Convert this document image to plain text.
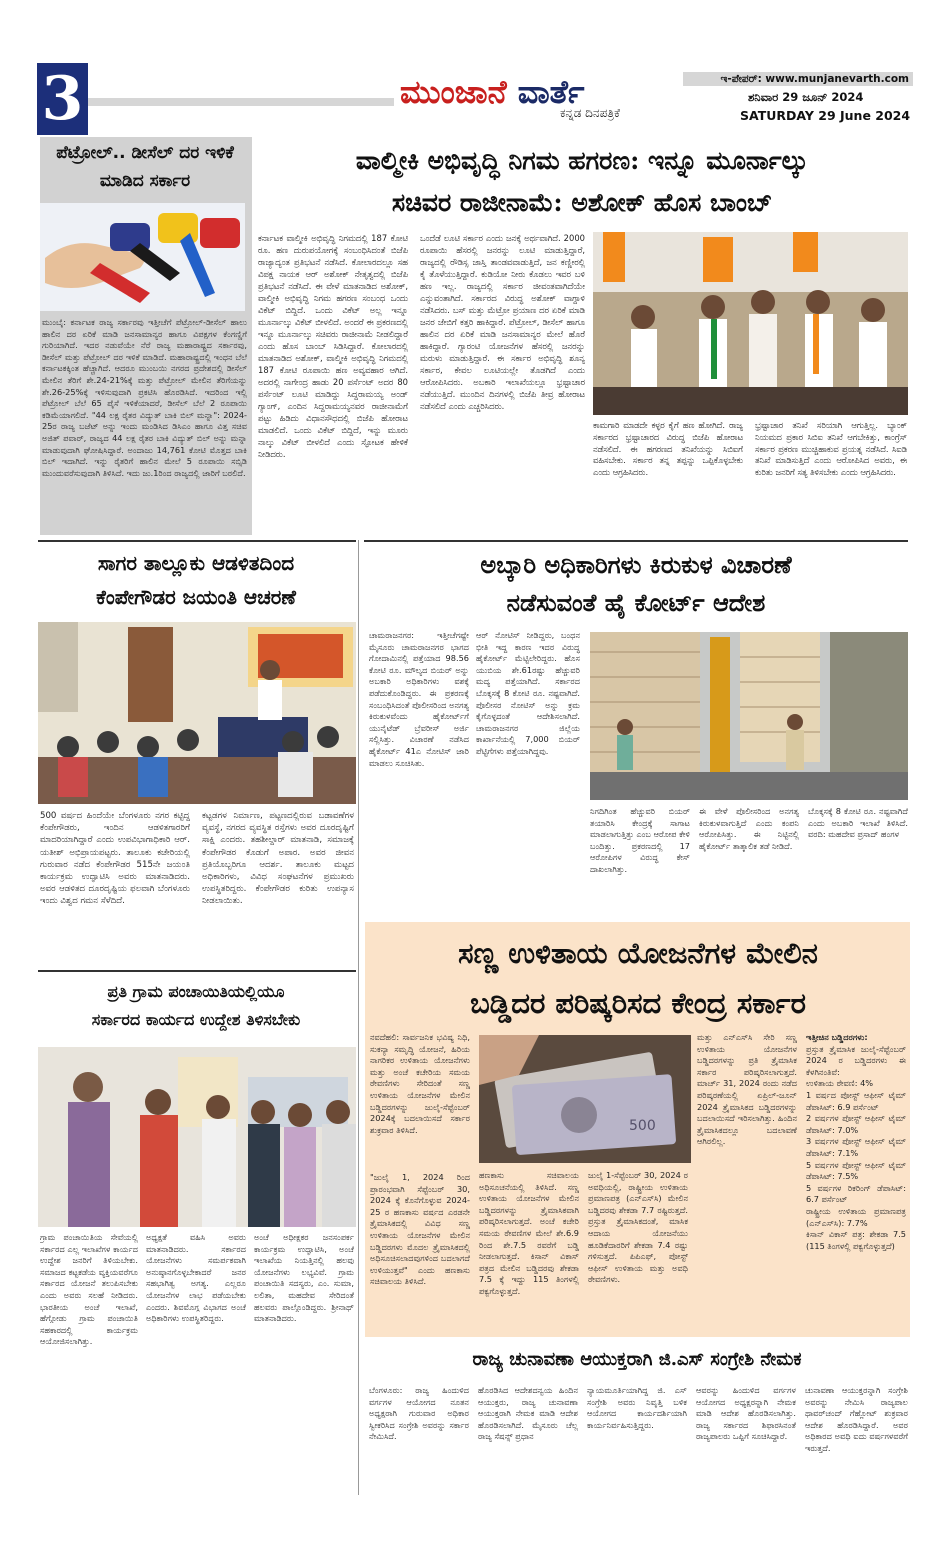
3	ಮುಂಜಾನೆ ವಾರ್ತೆ
ಕನ್ನಡ ದಿನಪತ್ರಿಕೆ
ಇ-ಪೇಪರ್: www.munjanevarth.com
ಶನಿವಾರ 29 ಜೂನ್ 2024
SATURDAY 29 June 2024
ಪೆಟ್ರೋಲ್.. ಡೀಸೆಲ್ ದರ ಇಳಿಕೆ ಮಾಡಿದ ಸರ್ಕಾರ
ಮುಂಬೈ: ಕರ್ನಾಟಕ ರಾಜ್ಯ ಸರ್ಕಾರವು ಇತ್ತೀಚೆಗೆ ಪೆಟ್ರೋಲ್-ಡೀಸೆಲ್ ಹಾಲು ಹಾಲಿನ ದರ ಏರಿಕೆ ಮಾಡಿ ಜನಸಾಮಾನ್ಯರ ಹಾಗೂ ವಿಪಕ್ಷಗಳ ಕೆಂಗಣ್ಣಿಗೆ ಗುರಿಯಾಗಿದೆ. ಇದರ ನಡುವೆಯೇ ನೆರೆ ರಾಜ್ಯ ಮಹಾರಾಷ್ಟ್ರದ ಸರ್ಕಾರವು, ಡೀಸೆಲ್ ಮತ್ತು ಪೆಟ್ರೋಲ್ ದರ ಇಳಿಕೆ ಮಾಡಿದೆ. ಮಹಾರಾಷ್ಟ್ರದಲ್ಲಿ ಇಂಧನ ಬೆಲೆ ಕರ್ನಾಟಕಕ್ಕಿಂತ ಹೆಚ್ಚಾಗಿದೆ. ಆದರೂ ಮುಂಬಯಿ ನಗರದ ಪ್ರದೇಶದಲ್ಲಿ ಡೀಸೆಲ್ ಮೇಲಿನ ತೆರಿಗೆ ಶೇ.24-21%ಕ್ಕೆ ಮತ್ತು ಪೆಟ್ರೋಲ್ ಮೇಲಿನ ತೆರಿಗೆಯನ್ನು ಶೇ.26-25%ಕ್ಕೆ ಇಳಿಸುವುದಾಗಿ ಪ್ರಕಟಿಸಿ ಹೊರಡಿಸಿದೆ. ಇದರಿಂದ ಇಲ್ಲಿ ಪೆಟ್ರೋಲ್ ಬೆಲೆ 65 ಪೈಸೆ ಇಳಿಕೆಯಾದರೆ, ಡೀಸೆಲ್ ಬೆಲೆ 2 ರೂಪಾಯಿ ಕಡಿಮೆಯಾಗಲಿದೆ. "44 ಲಕ್ಷ ರೈತರ ವಿದ್ಯುತ್ ಬಾಕಿ ಬಿಲ್ ಮನ್ನಾ": 2024-25ರ ರಾಜ್ಯ ಬಜೆಟ್ ಅನ್ನು ಇಂದು ಮಂಡಿಸಿದ ಡಿಸಿಎಂ ಹಾಗೂ ವಿತ್ತ ಸಚಿವ ಅಜಿತ್ ಪವಾರ್, ರಾಜ್ಯದ 44 ಲಕ್ಷ ರೈತರ ಬಾಕಿ ವಿದ್ಯುತ್ ಬಿಲ್ ಅನ್ನು ಮನ್ನಾ ಮಾಡುವುದಾಗಿ ಘೋಷಿಸಿದ್ದಾರೆ. ಅಂದಾಜು 14,761 ಕೋಟಿ ಮೊತ್ತದ ಬಾಕಿ ಬಿಲ್ ಇದಾಗಿದೆ. ಇನ್ನು ರೈತರಿಗೆ ಹಾಲಿನ ಮೇಲೆ 5 ರೂಪಾಯಿ ಸಬ್ಸಿಡಿ ಮುಂದುವರೆಸುವುದಾಗಿ ತಿಳಿಸಿದೆ. ಇದು ಜು.1ರಿಂದ ರಾಜ್ಯದಲ್ಲಿ ಜಾರಿಗೆ ಬರಲಿದೆ.
ವಾಲ್ಮೀಕಿ ಅಭಿವೃದ್ಧಿ ನಿಗಮ ಹಗರಣ: ಇನ್ನೂ ಮೂರ್ನಾಲ್ಕು
ಸಚಿವರ ರಾಜೀನಾಮೆ: ಅಶೋಕ್ ಹೊಸ ಬಾಂಬ್
ಕರ್ನಾಟಕ ವಾಲ್ಮೀಕಿ ಅಭಿವೃದ್ಧಿ ನಿಗಮದಲ್ಲಿ 187 ಕೋಟಿ ರೂ. ಹಣ ದುರುಪಯೋಗಕ್ಕೆ ಸಂಬಂಧಿಸಿದಂತೆ ಬಿಜೆಪಿ ರಾಜ್ಯಾದ್ಯಂತ ಪ್ರತಿಭಟನೆ ನಡೆಸಿದೆ. ಕೋಲಾರದಲ್ಲೂ ಸಹ ವಿಪಕ್ಷ ನಾಯಕ ಆರ್ ಅಶೋಕ್ ನೇತೃತ್ವದಲ್ಲಿ ಬಿಜೆಪಿ ಪ್ರತಿಭಟನೆ ನಡೆಸಿದೆ. ಈ ವೇಳೆ ಮಾತನಾಡಿದ ಅಶೋಕ್, ವಾಲ್ಮೀಕಿ ಅಭಿವೃದ್ಧಿ ನಿಗಮ ಹಗರಣ ಸಂಬಂಧ ಒಂದು ವಿಕೆಟ್ ಬಿದ್ದಿದೆ. ಒಂದು ವಿಕೆಟ್ ಅಲ್ಲ ಇನ್ನೂ ಮೂರ್ನಾಲ್ಕು ವಿಕೆಟ್ ಬೀಳಲಿದೆ. ಅಂದರೆ ಈ ಪ್ರಕರಣದಲ್ಲಿ ಇನ್ನೂ ಮೂರ್ನಾಲ್ಕು ಸಚಿವರು ರಾಜೀನಾಮೆ ನೀಡಲಿದ್ದಾರೆ ಎಂದು ಹೊಸ ಬಾಂಬ್ ಸಿಡಿಸಿದ್ದಾರೆ. ಕೋಲಾರದಲ್ಲಿ ಮಾತನಾಡಿದ ಅಶೋಕ್, ವಾಲ್ಮೀಕಿ ಅಭಿವೃದ್ಧಿ ನಿಗಮದಲ್ಲಿ 187 ಕೋಟಿ ರೂಪಾಯಿ ಹಣ ಅವ್ಯವಹಾರ ಆಗಿದೆ. ಅದರಲ್ಲಿ ನಾಗೇಂದ್ರ ಹಾಡು 20 ಪರ್ಸೆಂಟ್ ಅದರ 80 ಪರ್ಸೆಂಟ್ ಲೂಟಿ ಮಾಡಿದ್ದು ಸಿದ್ದರಾಮಯ್ಯ ಅಂಡ್ ಗ್ಯಾಂಗ್, ಎಂದಿನ ಸಿದ್ದರಾಮಯ್ಯನವರ ರಾಜೀನಾಮೆಗೆ ಪಟ್ಟು ಹಿಡಿದು ವಿಧಾನಸೌಧದಲ್ಲಿ ಬಿಜೆಪಿ ಹೋರಾಟ ಮಾಡಲಿದೆ. ಒಂದು ವಿಕೆಟ್ ಬಿದ್ದಿದೆ, ಇನ್ನು ಮೂರು ನಾಲ್ಕು ವಿಕೆಟ್ ಬೀಳಲಿದೆ ಎಂದು ಸ್ಫೋಟಕ ಹೇಳಿಕೆ ನೀಡಿದರು.
ಒಂದೆಡೆ ಲೂಟಿ ಸರ್ಕಾರ ಎಂದು ಜನಕ್ಕೆ ಅರ್ಥವಾಗಿದೆ. 2000 ರೂಪಾಯಿ ಹೆಸರಲ್ಲಿ ಜನರನ್ನು ಲೂಟಿ ಮಾಡುತ್ತಿದ್ದಾರೆ, ರಾಜ್ಯದಲ್ಲಿ ರೌಡಿಸ್ಸ ಜಾಸ್ತಿ ತಾಂಡವವಾಡುತ್ತಿದೆ, ಜನ ಕಣ್ಣೀರಲ್ಲಿ ಕೈ ತೊಳೆಯುತ್ತಿದ್ದಾರೆ. ಕುಡಿಯೋ ನೀರು ಕೊಡಲು ಇವರ ಬಳಿ ಹಣ ಇಲ್ಲ. ರಾಜ್ಯದಲ್ಲಿ ಸರ್ಕಾರ ಜೀವಂತವಾಗಿದೆಯೇ ಎನ್ನುವಂತಾಗಿದೆ. ಸರ್ಕಾರದ ವಿರುದ್ಧ ಅಶೋಕ್ ವಾಗ್ದಾಳಿ ನಡೆಸಿದರು. ಬಸ್ ಮತ್ತು ಮೆಟ್ರೋ ಪ್ರಯಾಣ ದರ ಏರಿಕೆ ಮಾಡಿ ಜನರ ಜೇಬಿಗೆ ಕತ್ತರಿ ಹಾಕಿದ್ದಾರೆ. ಪೆಟ್ರೋಲ್, ಡೀಸೆಲ್ ಹಾಗೂ ಹಾಲಿನ ದರ ಏರಿಕೆ ಮಾಡಿ ಜನಸಾಮಾನ್ಯರ ಮೇಲೆ ಹೊರೆ ಹಾಕಿದ್ದಾರೆ. ಗ್ಯಾರಂಟಿ ಯೋಜನೆಗಳ ಹೆಸರಲ್ಲಿ ಜನರನ್ನು ಮರುಳು ಮಾಡುತ್ತಿದ್ದಾರೆ. ಈ ಸರ್ಕಾರ ಅಭಿವೃದ್ಧಿ ಶೂನ್ಯ ಸರ್ಕಾರ, ಕೇವಲ ಲೂಟಿಯಲ್ಲೇ ತೊಡಗಿದೆ ಎಂದು ಆರೋಪಿಸಿದರು. ಅಬಕಾರಿ ಇಲಾಖೆಯಲ್ಲೂ ಭ್ರಷ್ಟಾಚಾರ ನಡೆಯುತ್ತಿದೆ. ಮುಂದಿನ ದಿನಗಳಲ್ಲಿ ಬಿಜೆಪಿ ತೀವ್ರ ಹೋರಾಟ ನಡೆಸಲಿದೆ ಎಂದು ಎಚ್ಚರಿಸಿದರು.
ಕಾಮಗಾರಿ ಮಾಡದೇ ಕಳ್ಳರ ಕೈಗೆ ಹಣ ಹೋಗಿದೆ. ರಾಜ್ಯ ಸರ್ಕಾರದ ಭ್ರಷ್ಟಾಚಾರದ ವಿರುದ್ಧ ಬಿಜೆಪಿ ಹೋರಾಟ ನಡೆಸಲಿದೆ. ಈ ಹಗರಣದ ತನಿಖೆಯನ್ನು ಸಿಬಿಐಗೆ ವಹಿಸಬೇಕು. ಸರ್ಕಾರ ತನ್ನ ತಪ್ಪನ್ನು ಒಪ್ಪಿಕೊಳ್ಳಬೇಕು ಎಂದು ಆಗ್ರಹಿಸಿದರು.
ಭ್ರಷ್ಟಾಚಾರ ತನಿಖೆ ಸರಿಯಾಗಿ ಆಗುತ್ತಿಲ್ಲ. ಬ್ಯಾಂಕ್ ನಿಯಮದ ಪ್ರಕಾರ ಸಿಬಿಐ ತನಿಖೆ ಆಗಬೇಕಿತ್ತು, ಕಾಂಗ್ರೆಸ್ ಸರ್ಕಾರ ಪ್ರಕರಣ ಮುಚ್ಚಿಹಾಕುವ ಪ್ರಯತ್ನ ನಡೆಸಿದೆ. ಸಿಐಡಿ ತನಿಖೆ ಮಾಡಿಸುತ್ತಿದೆ ಎಂದು ಆರೋಪಿಸಿದ ಅವರು, ಈ ಕುರಿತು ಜನರಿಗೆ ಸತ್ಯ ತಿಳಿಸಬೇಕು ಎಂದು ಆಗ್ರಹಿಸಿದರು.
ಸಾಗರ ತಾಲ್ಲೂಕು ಆಡಳಿತದಿಂದ
ಕೆಂಪೇಗೌಡರ ಜಯಂತಿ ಆಚರಣೆ
500 ವರ್ಷದ ಹಿಂದೆಯೇ ಬೆಂಗಳೂರು ನಗರ ಕಟ್ಟಿದ್ದ ಕೆಂಪೇಗೌಡರು, ಇಂದಿನ ಆಡಳಿತಗಾರರಿಗೆ ಮಾದರಿಯಾಗಿದ್ದಾರೆ ಎಂದು ಉಪವಿಭಾಗಾಧಿಕಾರಿ ಆರ್. ಯತೀಶ್ ಅಭಿಪ್ರಾಯಪಟ್ಟರು. ತಾಲೂಕು ಕಚೇರಿಯಲ್ಲಿ ಗುರುವಾರ ನಡೆದ ಕೆಂಪೇಗೌಡರ 515ನೇ ಜಯಂತಿ ಕಾರ್ಯಕ್ರಮ ಉದ್ಘಾಟಿಸಿ ಅವರು ಮಾತನಾಡಿದರು. ಅವರ ಆಡಳಿತದ ದೂರದೃಷ್ಟಿಯ ಫಲವಾಗಿ ಬೆಂಗಳೂರು ಇಂದು ವಿಶ್ವದ ಗಮನ ಸೆಳೆದಿದೆ.
ಕಟ್ಟಡಗಳ ನಿರ್ಮಾಣ, ಪಟ್ಟಣದಲ್ಲಿರುವ ಬಡಾವಣೆಗಳ ವ್ಯವಸ್ಥೆ, ನಗರದ ವ್ಯವಸ್ಥಿತ ರಸ್ತೆಗಳು ಅವರ ದೂರದೃಷ್ಟಿಗೆ ಸಾಕ್ಷಿ ಎಂದರು. ತಹಶೀಲ್ದಾರ್ ಮಾತನಾಡಿ, ಸಮಾಜಕ್ಕೆ ಕೆಂಪೇಗೌಡರ ಕೊಡುಗೆ ಅಪಾರ. ಅವರ ಜೀವನ ಪ್ರತಿಯೊಬ್ಬರಿಗೂ ಆದರ್ಶ. ತಾಲೂಕು ಮಟ್ಟದ ಅಧಿಕಾರಿಗಳು, ವಿವಿಧ ಸಂಘಟನೆಗಳ ಪ್ರಮುಖರು ಉಪಸ್ಥಿತರಿದ್ದರು. ಕೆಂಪೇಗೌಡರ ಕುರಿತು ಉಪನ್ಯಾಸ ನೀಡಲಾಯಿತು.
ಅಬ್ಕಾರಿ ಅಧಿಕಾರಿಗಳು ಕಿರುಕುಳ ವಿಚಾರಣೆ
ನಡೆಸುವಂತೆ ಹೈ ಕೋರ್ಟ್ ಆದೇಶ
ಚಾಮರಾಜನಗರ: ಇತ್ತೀಚೆಗಷ್ಟೇ ಮೈಸೂರು ಚಾಮರಾಜನಗರ ಭಾಗದ ಗೋದಾಮಿನಲ್ಲಿ ಪತ್ತೆಯಾದ 98.56 ಕೋಟಿ ರೂ. ಮೌಲ್ಯದ ಬಿಯರ್ ಅನ್ನು ಅಬಕಾರಿ ಅಧಿಕಾರಿಗಳು ವಶಕ್ಕೆ ಪಡೆದುಕೊಂಡಿದ್ದರು. ಈ ಪ್ರಕರಣಕ್ಕೆ ಸಂಬಂಧಿಸಿದಂತೆ ಪೊಲೀಸರಿಂದ ಅನಗತ್ಯ ಕಿರುಕುಳವೆಂದು ಹೈಕೋರ್ಟ್‌ಗೆ ಯುನೈಟೆಡ್ ಬ್ರೆವರೀಸ್ ಅರ್ಜಿ ಸಲ್ಲಿಸಿತ್ತು. ವಿಚಾರಣೆ ನಡೆಸಿದ ಹೈಕೋರ್ಟ್ 41ಎ ನೋಟಿಸ್ ಜಾರಿ ಮಾಡಲು ಸೂಚಿಸಿತು.
ಆರ್ ನೋಟಿಸ್ ನೀಡಿದ್ದರು, ಬಂಧನ ಭೀತಿ ಇದ್ದ ಕಾರಣ ಇದರ ವಿರುದ್ಧ ಹೈಕೋರ್ಟ್ ಮೆಟ್ಟಿಲೇರಿದ್ದರು. ಹೊಸ ಯುಬಿಯ ಶೇ.61ರಷ್ಟು ಹೆಚ್ಚುವರಿ ಮದ್ಯ ಪತ್ತೆಯಾಗಿದೆ. ಸರ್ಕಾರದ ಬೊಕ್ಕಸಕ್ಕೆ 8 ಕೋಟಿ ರೂ. ನಷ್ಟವಾಗಿದೆ. ಪೊಲೀಸರ ನೋಟಿಸ್ ಅನ್ನು ಕ್ರಮ ಕೈಗೊಳ್ಳದಂತೆ ಆದೇಶಿಸಲಾಗಿದೆ. ಚಾಮರಾಜನಗರ ಜಿಲ್ಲೆಯ ಕಾರ್ಖಾನೆಯಲ್ಲಿ 7,000 ಬಿಯರ್ ಪೆಟ್ಟಿಗೆಗಳು ಪತ್ತೆಯಾಗಿದ್ದವು.
ನಿಗದಿಗಿಂತ ಹೆಚ್ಚುವರಿ ಬಿಯರ್ ತಯಾರಿಸಿ ಕೇಂದ್ರಕ್ಕೆ ಸಾಗಾಟ ಮಾಡಲಾಗುತ್ತಿತ್ತು ಎಂಬ ಆರೋಪ ಕೇಳಿ ಬಂದಿತ್ತು. ಪ್ರಕರಣದಲ್ಲಿ 17 ಆರೋಪಿಗಳ ವಿರುದ್ಧ ಕೇಸ್ ದಾಖಲಾಗಿತ್ತು.
ಈ ವೇಳೆ ಪೊಲೀಸರಿಂದ ಅನಗತ್ಯ ಕಿರುಕುಳವಾಗುತ್ತಿದೆ ಎಂದು ಕಂಪನಿ ಆರೋಪಿಸಿತ್ತು. ಈ ನಿಟ್ಟಿನಲ್ಲಿ ಹೈಕೋರ್ಟ್ ತಾತ್ಕಾಲಿಕ ತಡೆ ನೀಡಿದೆ.
ಬೊಕ್ಕಸಕ್ಕೆ 8 ಕೋಟಿ ರೂ. ನಷ್ಟವಾಗಿದೆ ಎಂದು ಅಬಕಾರಿ ಇಲಾಖೆ ತಿಳಿಸಿದೆ. ವರದಿ: ಮಹದೇವ ಪ್ರಸಾದ್ ಹಂಗಳ
ಪ್ರತಿ ಗ್ರಾಮ ಪಂಚಾಯಿತಿಯಲ್ಲಿಯೂ
ಸರ್ಕಾರದ ಕಾರ್ಯದ ಉದ್ದೇಶ ತಿಳಿಸಬೇಕು
ಗ್ರಾಮ ಪಂಚಾಯಿತಿಯ ಸೇವೆಯಲ್ಲಿ ಸರ್ಕಾರದ ಎಲ್ಲ ಇಲಾಖೆಗಳ ಕಾರ್ಯದ ಉದ್ದೇಶ ಜನರಿಗೆ ತಿಳಿಯಬೇಕು. ಸಮಾಜದ ಕಟ್ಟಕಡೆಯ ವ್ಯಕ್ತಿಯವರೆಗೂ ಸರ್ಕಾರದ ಯೋಜನೆ ತಲುಪಿಸಬೇಕು ಎಂದು ಅವರು ಸಲಹೆ ನೀಡಿದರು. ಭಾರತೀಯ ಅಂಚೆ ಇಲಾಖೆ, ಹೆಗ್ಗೋಡು ಗ್ರಾಮ ಪಂಚಾಯಿತಿ ಸಹಕಾರದಲ್ಲಿ ಕಾರ್ಯಕ್ರಮ ಆಯೋಜಿಸಲಾಗಿತ್ತು.
ಅಧ್ಯಕ್ಷತೆ ವಹಿಸಿ ಅವರು ಮಾತನಾಡಿದರು. ಸರ್ಕಾರದ ಯೋಜನೆಗಳು ಸಮರ್ಪಕವಾಗಿ ಅನುಷ್ಠಾನಗೊಳ್ಳಬೇಕಾದರೆ ಜನರ ಸಹಭಾಗಿತ್ವ ಅಗತ್ಯ. ಎಲ್ಲರೂ ಯೋಜನೆಗಳ ಲಾಭ ಪಡೆಯಬೇಕು ಎಂದರು. ಶಿವಮೊಗ್ಗ ವಿಭಾಗದ ಅಂಚೆ ಅಧಿಕಾರಿಗಳು ಉಪಸ್ಥಿತರಿದ್ದರು.
ಅಂಚೆ ಅಧೀಕ್ಷಕರ ಜನಸಂಪರ್ಕ ಕಾರ್ಯಕ್ರಮ ಉದ್ಘಾಟಿಸಿ, ಅಂಚೆ ಇಲಾಖೆಯ ನಿಯತ್ತಿನಲ್ಲಿ ಹಲವು ಯೋಜನೆಗಳು ಲಭ್ಯವಿವೆ. ಗ್ರಾಮ ಪಂಚಾಯಿತಿ ಸದಸ್ಯರು, ಎಂ. ಸುಮಾ, ಲಲಿತಾ, ಮಹದೇವ ಸೇರಿದಂತೆ ಹಲವರು ಪಾಲ್ಗೊಂಡಿದ್ದರು. ಶ್ರೀನಾಥ್ ಮಾತನಾಡಿದರು.
ಸಣ್ಣ ಉಳಿತಾಯ ಯೋಜನೆಗಳ ಮೇಲಿನ
ಬಡ್ಡಿದರ ಪರಿಷ್ಕರಿಸದ ಕೇಂದ್ರ ಸರ್ಕಾರ
ನವದೆಹಲಿ: ಸಾರ್ವಜನಿಕ ಭವಿಷ್ಯ ನಿಧಿ, ಸುಕನ್ಯಾ ಸಮೃದ್ಧಿ ಯೋಜನೆ, ಹಿರಿಯ ನಾಗರಿಕರ ಉಳಿತಾಯ ಯೋಜನೆಗಳು ಮತ್ತು ಅಂಚೆ ಕಚೇರಿಯ ಸಮಯ ಠೇವಣಿಗಳು ಸೇರಿದಂತೆ ಸಣ್ಣ ಉಳಿತಾಯ ಯೋಜನೆಗಳ ಮೇಲಿನ ಬಡ್ಡಿದರಗಳನ್ನು ಜುಲೈ-ಸೆಪ್ಟೆಂಬರ್ 2024ಕ್ಕೆ ಬದಲಾಯಿಸದೆ ಸರ್ಕಾರ ಶುಕ್ರವಾರ ತಿಳಿಸಿದೆ.	500
"ಜುಲೈ 1, 2024 ರಿಂದ ಪ್ರಾರಂಭವಾಗಿ ಸೆಪ್ಟೆಂಬರ್ 30, 2024 ಕ್ಕೆ ಕೊನೆಗೊಳ್ಳುವ 2024-25 ರ ಹಣಕಾಸು ವರ್ಷದ ಎರಡನೇ ತ್ರೈಮಾಸಿಕದಲ್ಲಿ ವಿವಿಧ ಸಣ್ಣ ಉಳಿತಾಯ ಯೋಜನೆಗಳ ಮೇಲಿನ ಬಡ್ಡಿದರಗಳು ಮೊದಲ ತ್ರೈಮಾಸಿಕದಲ್ಲಿ ಅಧಿಸೂಚಿಸಲಾದವುಗಳಿಂದ ಬದಲಾಗದೆ ಉಳಿಯುತ್ತವೆ" ಎಂದು ಹಣಕಾಸು ಸಚಿವಾಲಯ ತಿಳಿಸಿದೆ.
ಹಣಕಾಸು ಸಚಿವಾಲಯ ಅಧಿಸೂಚನೆಯಲ್ಲಿ ತಿಳಿಸಿದೆ. ಸಣ್ಣ ಉಳಿತಾಯ ಯೋಜನೆಗಳ ಮೇಲಿನ ಬಡ್ಡಿದರಗಳನ್ನು ತ್ರೈಮಾಸಿಕವಾಗಿ ಪರಿಷ್ಕರಿಸಲಾಗುತ್ತದೆ. ಅಂಚೆ ಕಚೇರಿ ಸಮಯ ಠೇವಣಿಗಳ ಮೇಲೆ ಶೇ.6.9 ರಿಂದ ಶೇ.7.5 ರವರೆಗೆ ಬಡ್ಡಿ ನೀಡಲಾಗುತ್ತದೆ. ಕಿಸಾನ್ ವಿಕಾಸ್ ಪತ್ರದ ಮೇಲಿನ ಬಡ್ಡಿದರವು ಶೇಕಡಾ 7.5 ಕ್ಕೆ ಇದ್ದು 115 ತಿಂಗಳಲ್ಲಿ ಪಕ್ವಗೊಳ್ಳುತ್ತದೆ.
ಜುಲೈ 1-ಸೆಪ್ಟೆಂಬರ್ 30, 2024 ರ ಅವಧಿಯಲ್ಲಿ, ರಾಷ್ಟ್ರೀಯ ಉಳಿತಾಯ ಪ್ರಮಾಣಪತ್ರ (ಎನ್‌ಎಸ್‌ಸಿ) ಮೇಲಿನ ಬಡ್ಡಿದರವು ಶೇಕಡಾ 7.7 ರಷ್ಟಿರುತ್ತದೆ. ಪ್ರಸ್ತುತ ತ್ರೈಮಾಸಿಕದಂತೆ, ಮಾಸಿಕ ಆದಾಯ ಯೋಜನೆಯು ಹೂಡಿಕೆದಾರರಿಗೆ ಶೇಕಡಾ 7.4 ರಷ್ಟು ಗಳಿಸುತ್ತದೆ. ಪಿಪಿಎಫ್, ಪೋಸ್ಟ್ ಆಫೀಸ್ ಉಳಿತಾಯ ಮತ್ತು ಅವಧಿ ಠೇವಣಿಗಳು.
ಮತ್ತು ಎನ್‌ಎಸ್‌ಸಿ ಸೇರಿ ಸಣ್ಣ ಉಳಿತಾಯ ಯೋಜನೆಗಳ ಬಡ್ಡಿದರಗಳನ್ನು ಪ್ರತಿ ತ್ರೈಮಾಸಿಕ ಸರ್ಕಾರ ಪರಿಷ್ಕರಿಸಲಾಗುತ್ತದೆ. ಮಾರ್ಚ್ 31, 2024 ರಂದು ನಡೆದ ಪರಿಷ್ಕರಣೆಯಲ್ಲಿ ಏಪ್ರಿಲ್-ಜೂನ್ 2024 ತ್ರೈಮಾಸಿಕದ ಬಡ್ಡಿದರಗಳನ್ನು ಬದಲಾಯಿಸದೆ ಇರಿಸಲಾಗಿತ್ತು. ಹಿಂದಿನ ತ್ರೈಮಾಸಿಕದಲ್ಲೂ ಬದಲಾವಣೆ ಆಗಿರಲಿಲ್ಲ.
ಇತ್ತೀಚಿನ ಬಡ್ಡಿದರಗಳು:
ಪ್ರಸ್ತುತ ತ್ರೈಮಾಸಿಕ ಜುಲೈ-ಸೆಪ್ಟೆಂಬರ್ 2024 ರ ಬಡ್ಡಿದರಗಳು ಈ ಕೆಳಗಿನಂತಿವೆ:
ಉಳಿತಾಯ ಠೇವಣಿ: 4%
1 ವರ್ಷದ ಪೋಸ್ಟ್ ಆಫೀಸ್ ಟೈಮ್ ಡೆಪಾಸಿಟ್: 6.9 ಪರ್ಸೆಂಟ್
2 ವರ್ಷಗಳ ಪೋಸ್ಟ್ ಆಫೀಸ್ ಟೈಮ್ ಡೆಪಾಸಿಟ್: 7.0%
3 ವರ್ಷಗಳ ಪೋಸ್ಟ್ ಆಫೀಸ್ ಟೈಮ್ ಡೆಪಾಸಿಟ್: 7.1%
5 ವರ್ಷಗಳ ಪೋಸ್ಟ್ ಆಫೀಸ್ ಟೈಮ್ ಡೆಪಾಸಿಟ್: 7.5%
5 ವರ್ಷಗಳ ರಿಕರಿಂಗ್ ಡೆಪಾಸಿಟ್: 6.7 ಪರ್ಸೆಂಟ್
ರಾಷ್ಟ್ರೀಯ ಉಳಿತಾಯ ಪ್ರಮಾಣಪತ್ರ (ಎನ್‌ಎಸ್‌ಸಿ): 7.7%
ಕಿಸಾನ್ ವಿಕಾಸ್ ಪತ್ರ: ಶೇಕಡಾ 7.5 (115 ತಿಂಗಳಲ್ಲಿ ಪಕ್ವಗೊಳ್ಳುತ್ತದೆ)
ರಾಜ್ಯ ಚುನಾವಣಾ ಆಯುಕ್ತರಾಗಿ ಜಿ.ಎಸ್ ಸಂಗ್ರೇಶಿ ನೇಮಕ
ಬೆಂಗಳೂರು: ರಾಜ್ಯ ಹಿಂದುಳಿದ ವರ್ಗಗಳ ಆಯೋಗದ ನೂತನ ಅಧ್ಯಕ್ಷರಾಗಿ ಗುರುವಾರ ಅಧಿಕಾರ ಸ್ವೀಕರಿಸಿದ ಸಂಗ್ರೇಶಿ ಅವರನ್ನು ಸರ್ಕಾರ ನೇಮಿಸಿದೆ.
ಹೊರಡಿಸಿದ ಆದೇಶದನ್ವಯ ಹಿಂದಿನ ಆಯುಕ್ತರು, ರಾಜ್ಯ ಚುನಾವಣಾ ಆಯುಕ್ತರಾಗಿ ನೇಮಕ ಮಾಡಿ ಆದೇಶ ಹೊರಡಿಸಲಾಗಿದೆ. ಮೈಸೂರು ಚೆಲ್ಲ ರಾಜ್ಯ ಸೆಷನ್ಸ್ ಪ್ರಧಾನ
ನ್ಯಾಯಮೂರ್ತಿಯಾಗಿದ್ದ ಜಿ. ಎಸ್ ಸಂಗ್ರೇಶಿ ಅವರು ನಿವೃತ್ತಿ ಬಳಿಕ ಆಯೋಗದ ಕಾರ್ಯದರ್ಶಿಯಾಗಿ ಕಾರ್ಯನಿರ್ವಹಿಸುತ್ತಿದ್ದರು.
ಆವರನ್ನು ಹಿಂದುಳಿದ ವರ್ಗಗಳ ಆಯೋಗದ ಅಧ್ಯಕ್ಷರನ್ನಾಗಿ ನೇಮಕ ಮಾಡಿ ಆದೇಶ ಹೊರಡಿಸಲಾಗಿತ್ತು. ರಾಜ್ಯ ಸರ್ಕಾರದ ಶಿಫಾರಸಿನಂತೆ ರಾಜ್ಯಪಾಲರು ಒಪ್ಪಿಗೆ ಸೂಚಿಸಿದ್ದಾರೆ.
ಚುನಾವಣಾ ಆಯುಕ್ತರನ್ನಾಗಿ ಸಂಗ್ರೇಶಿ ಅವರನ್ನು ನೇಮಿಸಿ ರಾಜ್ಯಪಾಲ ಥಾವರ್‌ಚಂದ್ ಗೆಹ್ಲೋಟ್ ಶುಕ್ರವಾರ ಆದೇಶ ಹೊರಡಿಸಿದ್ದಾರೆ. ಅವರ ಅಧಿಕಾರದ ಅವಧಿ ಐದು ವರ್ಷಗಳವರೆಗೆ ಇರುತ್ತದೆ.
